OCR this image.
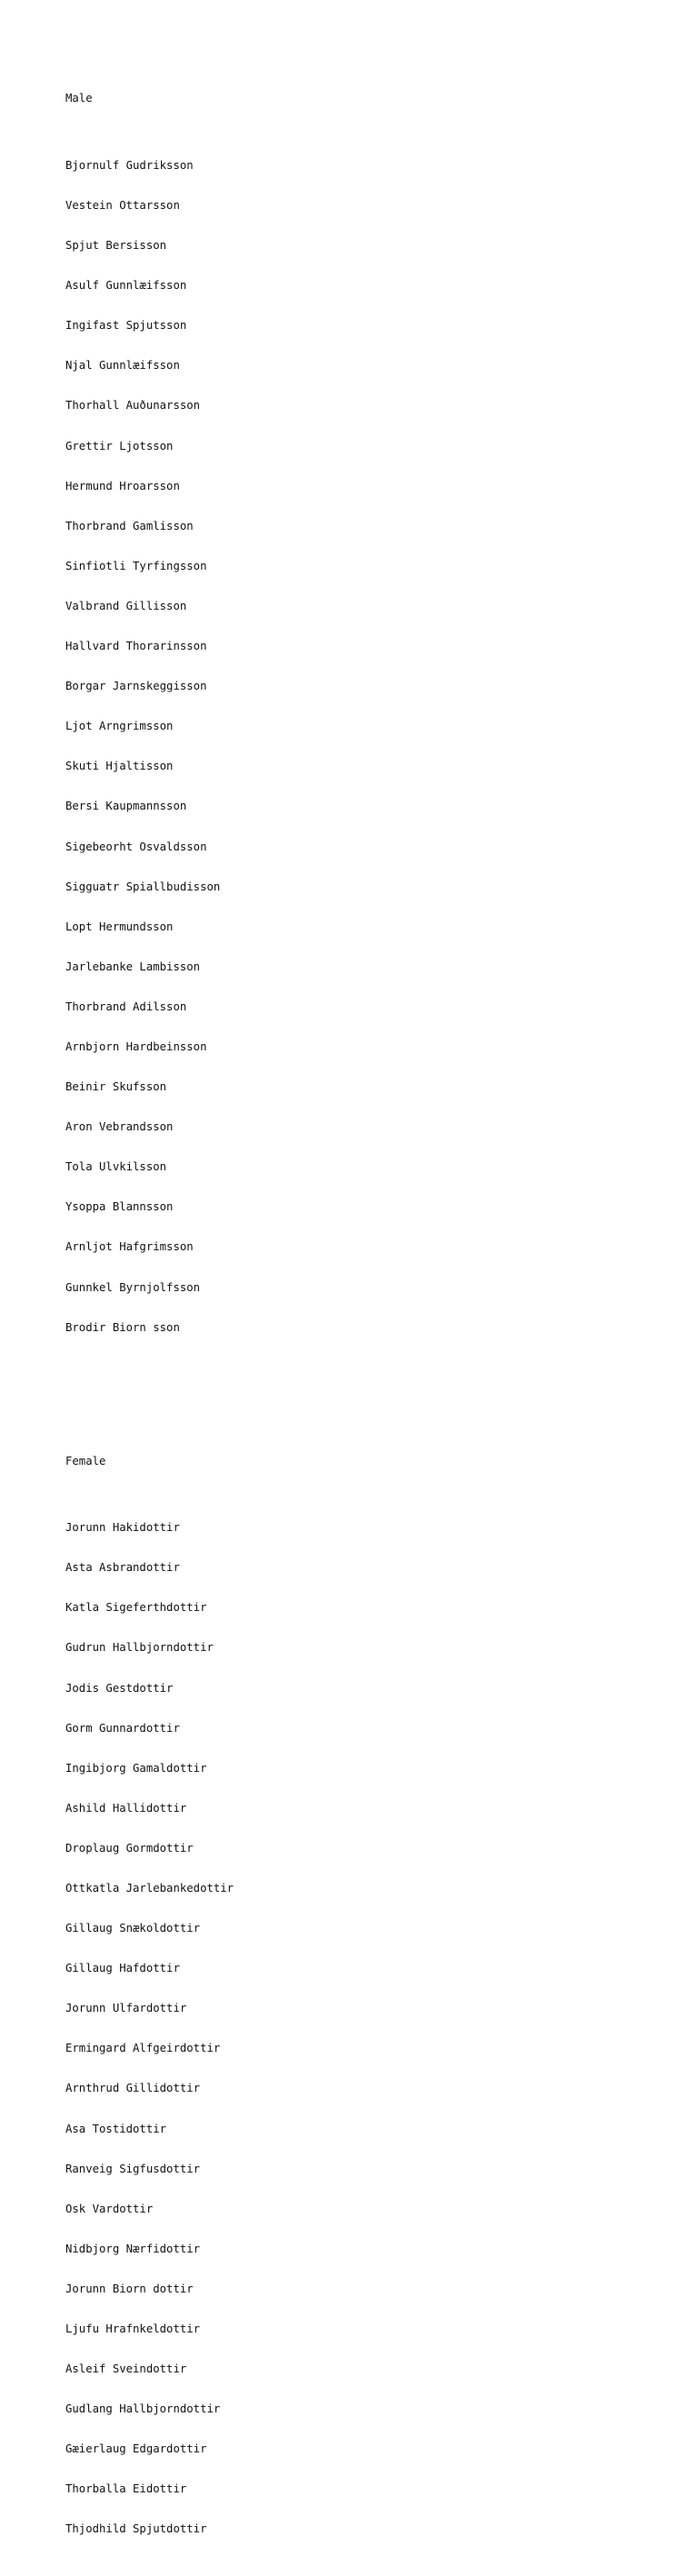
Male

Bjornulf Gudriksson

Vestein Ottarsson

Spjut Bersisson

Asulf Gunnlæifsson

Ingifast Spjutsson

Njal Gunnlæifsson

Thorhall Auðunarsson

Grettir Ljotsson

Hermund Hroarsson

Thorbrand Gamlisson

Sinfiotli Tyrfingsson

Valbrand Gillisson

Hallvard Thorarinsson

Borgar Jarnskeggisson

Ljot Arngrimsson

Skuti Hjaltisson

Bersi Kaupmannsson

Sigebeorht Osvaldsson

Sigguatr Spiallbudisson

Lopt Hermundsson

Jarlebanke Lambisson

Thorbrand Adilsson

Arnbjorn Hardbeinsson

Beinir Skufsson

Aron Vebrandsson

Tola Ulvkilsson

Ysoppa Blannsson

Arnljot Hafgrimsson

Gunnkel Byrnjolfsson

Brodir Biorn sson

Female

Jorunn Hakidottir

Asta Asbrandottir

Katla Sigeferthdottir

Gudrun Hallbjorndottir

Jodis Gestdottir

Gorm Gunnardottir

Ingibjorg Gamaldottir

Ashild Hallidottir

Droplaug Gormdottir

Ottkatla Jarlebankedottir

Gillaug Snækoldottir

Gillaug Hafdottir

Jorunn Ulfardottir

Ermingard Alfgeirdottir

Arnthrud Gillidottir

Asa Tostidottir

Ranveig Sigfusdottir

Osk Vardottir

Nidbjorg Nærfidottir

Jorunn Biorn dottir

Ljufu Hrafnkeldottir

Asleif Sveindottir

Gudlang Hallbjorndottir

Gæierlaug Edgardottir

Thorballa Eidottir

Thjodhild Spjutdottir
